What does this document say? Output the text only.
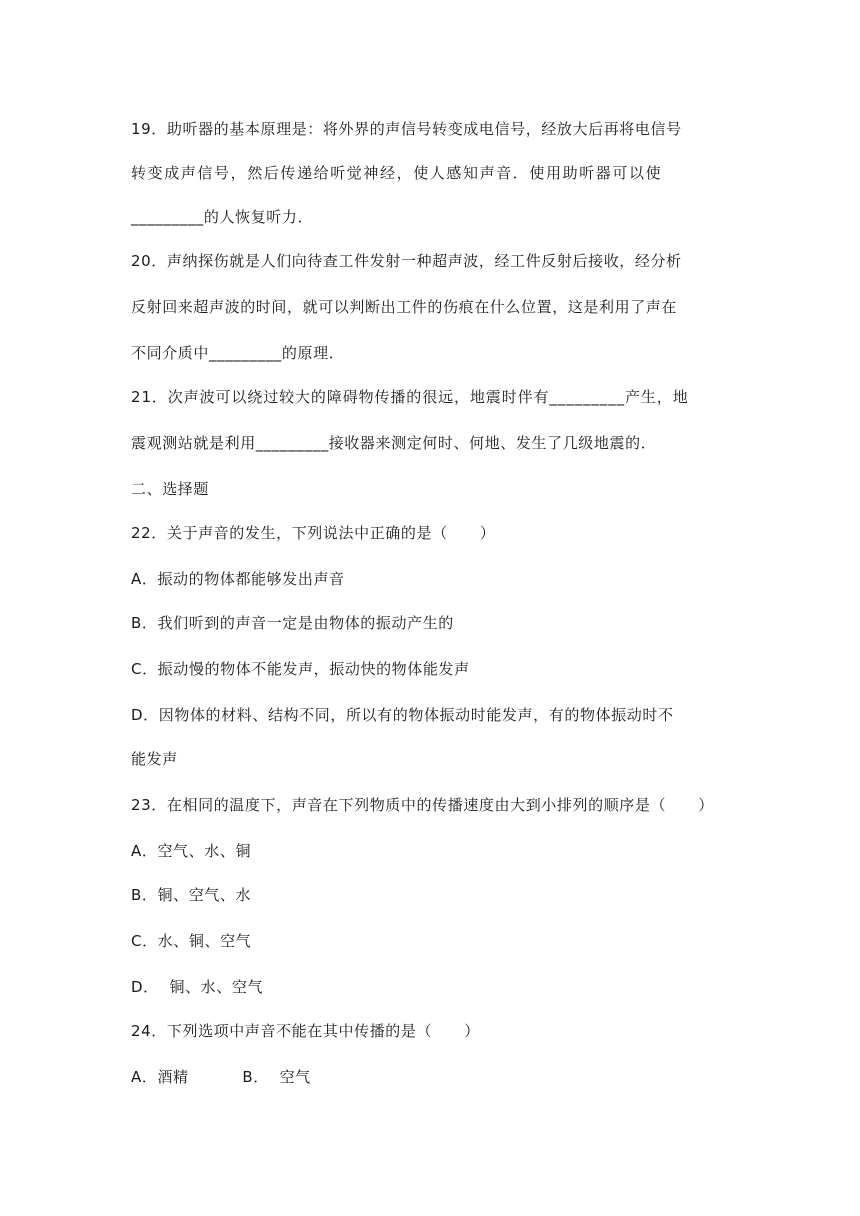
19．助听器的基本原理是：将外界的声信号转变成电信号，经放大后再将电信号
转变成声信号，然后传递给听觉神经，使人感知声音．使用助听器可以使
_________的人恢复听力．
20．声纳探伤就是人们向待查工件发射一种超声波，经工件反射后接收，经分析
反射回来超声波的时间，就可以判断出工件的伤痕在什么位置，这是利用了声在
不同介质中_________的原理．
21．次声波可以绕过较大的障碍物传播的很远，地震时伴有_________产生，地
震观测站就是利用_________接收器来测定何时、何地、发生了几级地震的．
二、选择题
22．关于声音的发生，下列说法中正确的是（      ）
A．振动的物体都能够发出声音
B．我们听到的声音一定是由物体的振动产生的
C．振动慢的物体不能发声，振动快的物体能发声
D．因物体的材料、结构不同，所以有的物体振动时能发声，有的物体振动时不
能发声
23．在相同的温度下，声音在下列物质中的传播速度由大到小排列的顺序是（      ）
A．空气、水、铜
B．铜、空气、水
C．水、铜、空气
D．  铜、水、空气
24．下列选项中声音不能在其中传播的是（      ）
A．酒精          B．  空气
